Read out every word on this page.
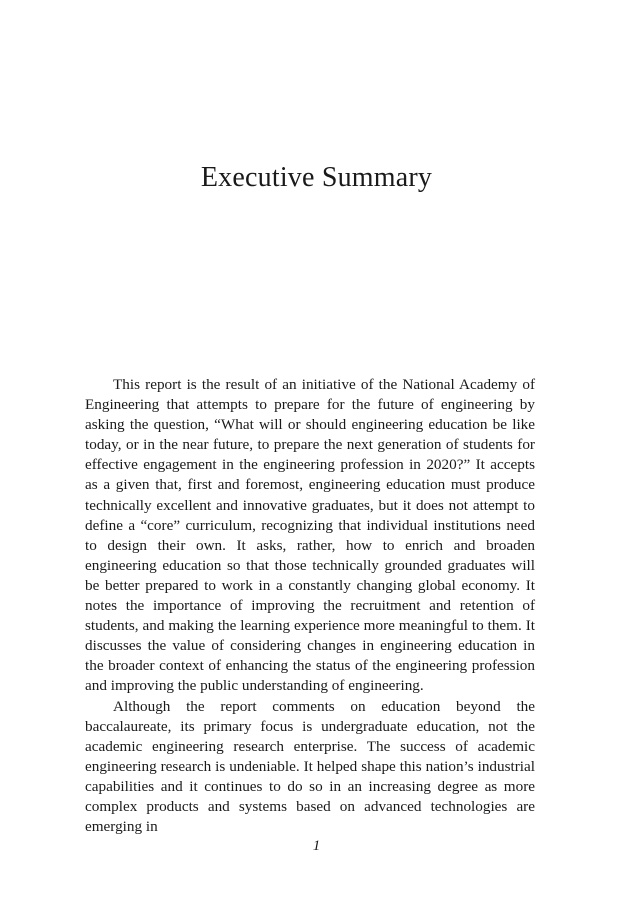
Executive Summary

This report is the result of an initiative of the National Academy of Engineering that attempts to prepare for the future of engineering by asking the question, “What will or should engineering education be like today, or in the near future, to prepare the next generation of students for effective engagement in the engineering profession in 2020?” It accepts as a given that, first and foremost, engineering education must produce technically excellent and innovative graduates, but it does not attempt to define a “core” curriculum, recognizing that individual institutions need to design their own. It asks, rather, how to enrich and broaden engineering education so that those technically grounded graduates will be better prepared to work in a constantly changing global economy. It notes the importance of improving the recruitment and retention of students, and making the learning experience more meaningful to them. It discusses the value of considering changes in engineering education in the broader context of enhancing the status of the engineering profession and improving the public understanding of engineering.

Although the report comments on education beyond the baccalaureate, its primary focus is undergraduate education, not the academic engineering research enterprise. The success of academic engineering research is undeniable. It helped shape this nation’s industrial capabilities and it continues to do so in an increasing degree as more complex products and systems based on advanced technologies are emerging in

1
